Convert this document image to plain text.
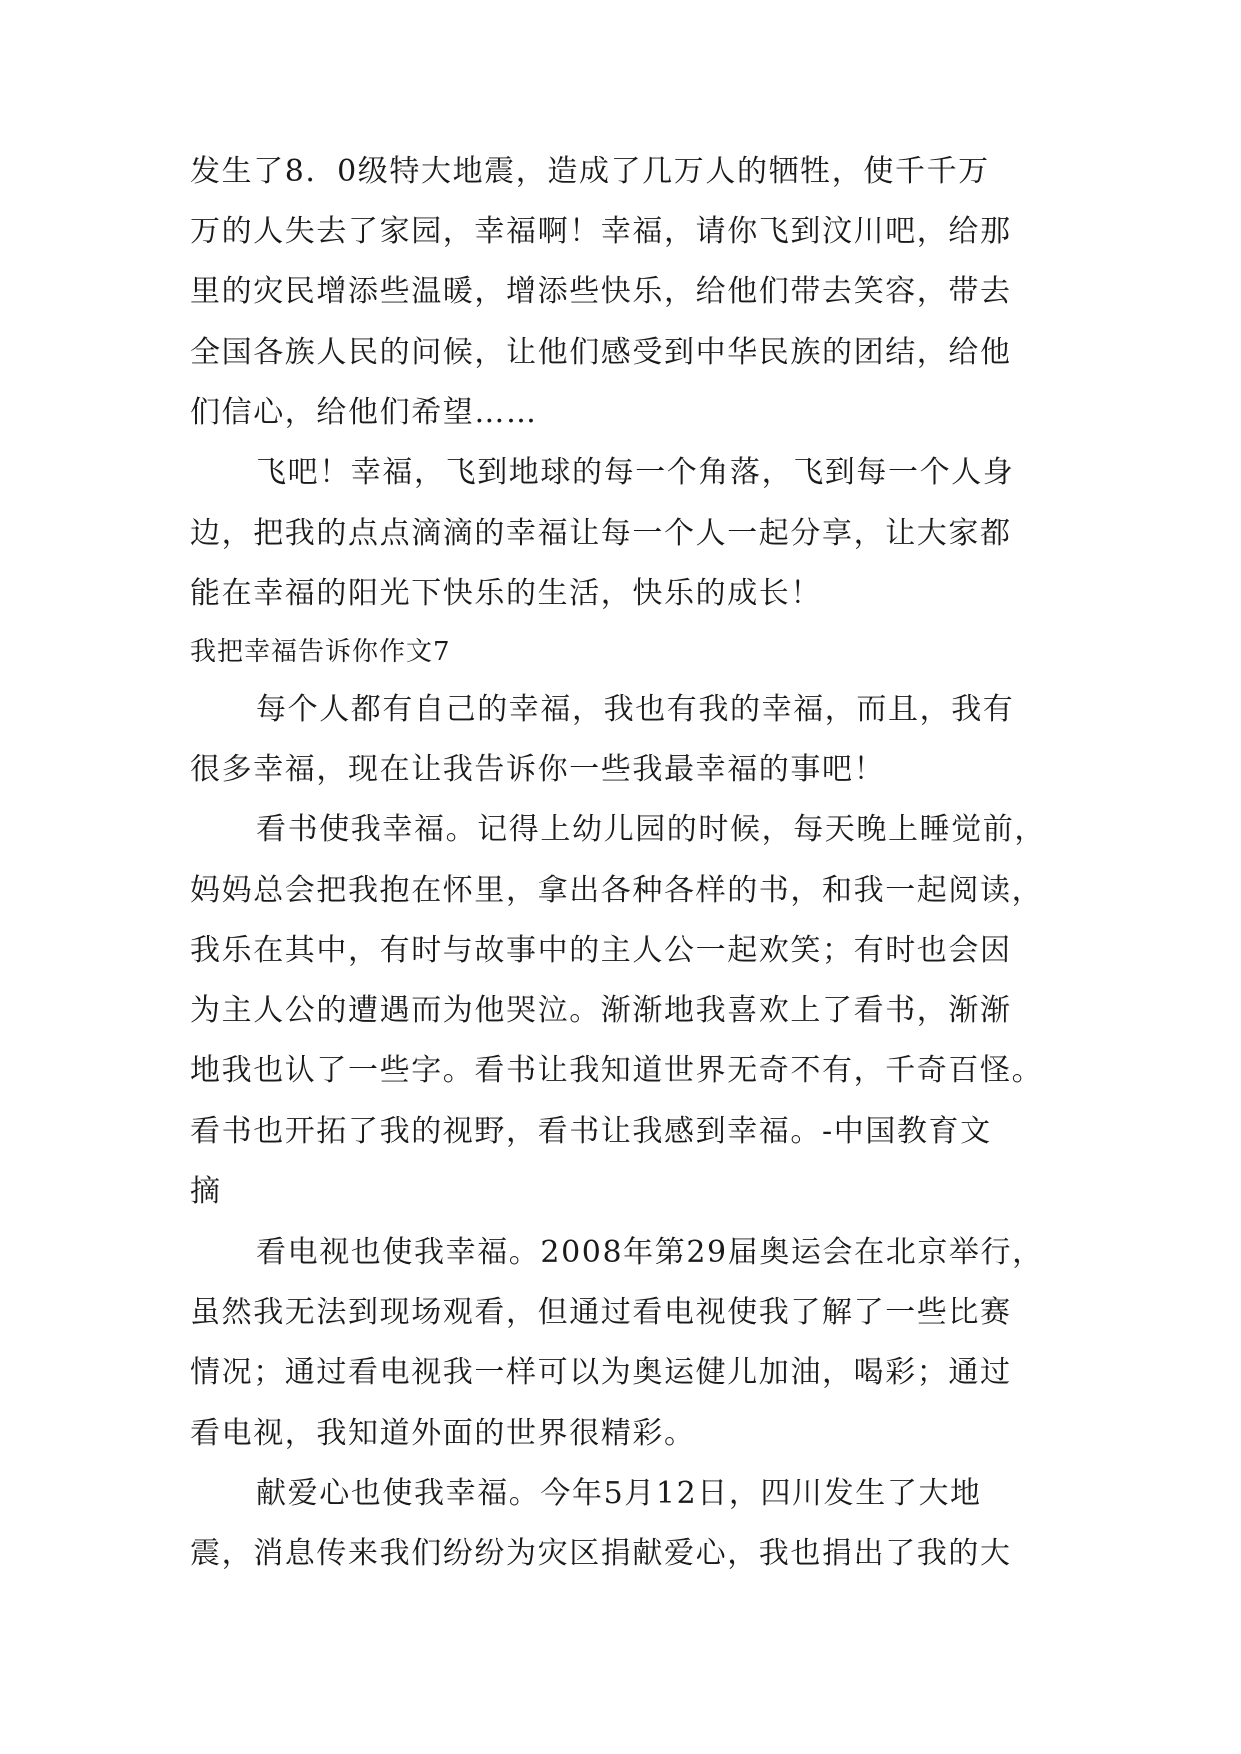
发生了8．0级特大地震，造成了几万人的牺牲，使千千万
万的人失去了家园，幸福啊！幸福，请你飞到汶川吧，给那
里的灾民增添些温暖，增添些快乐，给他们带去笑容，带去
全国各族人民的问候，让他们感受到中华民族的团结，给他
们信心，给他们希望……
飞吧！幸福，飞到地球的每一个角落，飞到每一个人身
边，把我的点点滴滴的幸福让每一个人一起分享，让大家都
能在幸福的阳光下快乐的生活，快乐的成长！
我把幸福告诉你作文7
每个人都有自己的幸福，我也有我的幸福，而且，我有
很多幸福，现在让我告诉你一些我最幸福的事吧！
看书使我幸福。记得上幼儿园的时候，每天晚上睡觉前，
妈妈总会把我抱在怀里，拿出各种各样的书，和我一起阅读，
我乐在其中，有时与故事中的主人公一起欢笑；有时也会因
为主人公的遭遇而为他哭泣。渐渐地我喜欢上了看书，渐渐
地我也认了一些字。看书让我知道世界无奇不有，千奇百怪。
看书也开拓了我的视野，看书让我感到幸福。-中国教育文
摘
看电视也使我幸福。2008年第29届奥运会在北京举行，
虽然我无法到现场观看，但通过看电视使我了解了一些比赛
情况；通过看电视我一样可以为奥运健儿加油，喝彩；通过
看电视，我知道外面的世界很精彩。
献爱心也使我幸福。今年5月12日，四川发生了大地
震，消息传来我们纷纷为灾区捐献爱心，我也捐出了我的大
